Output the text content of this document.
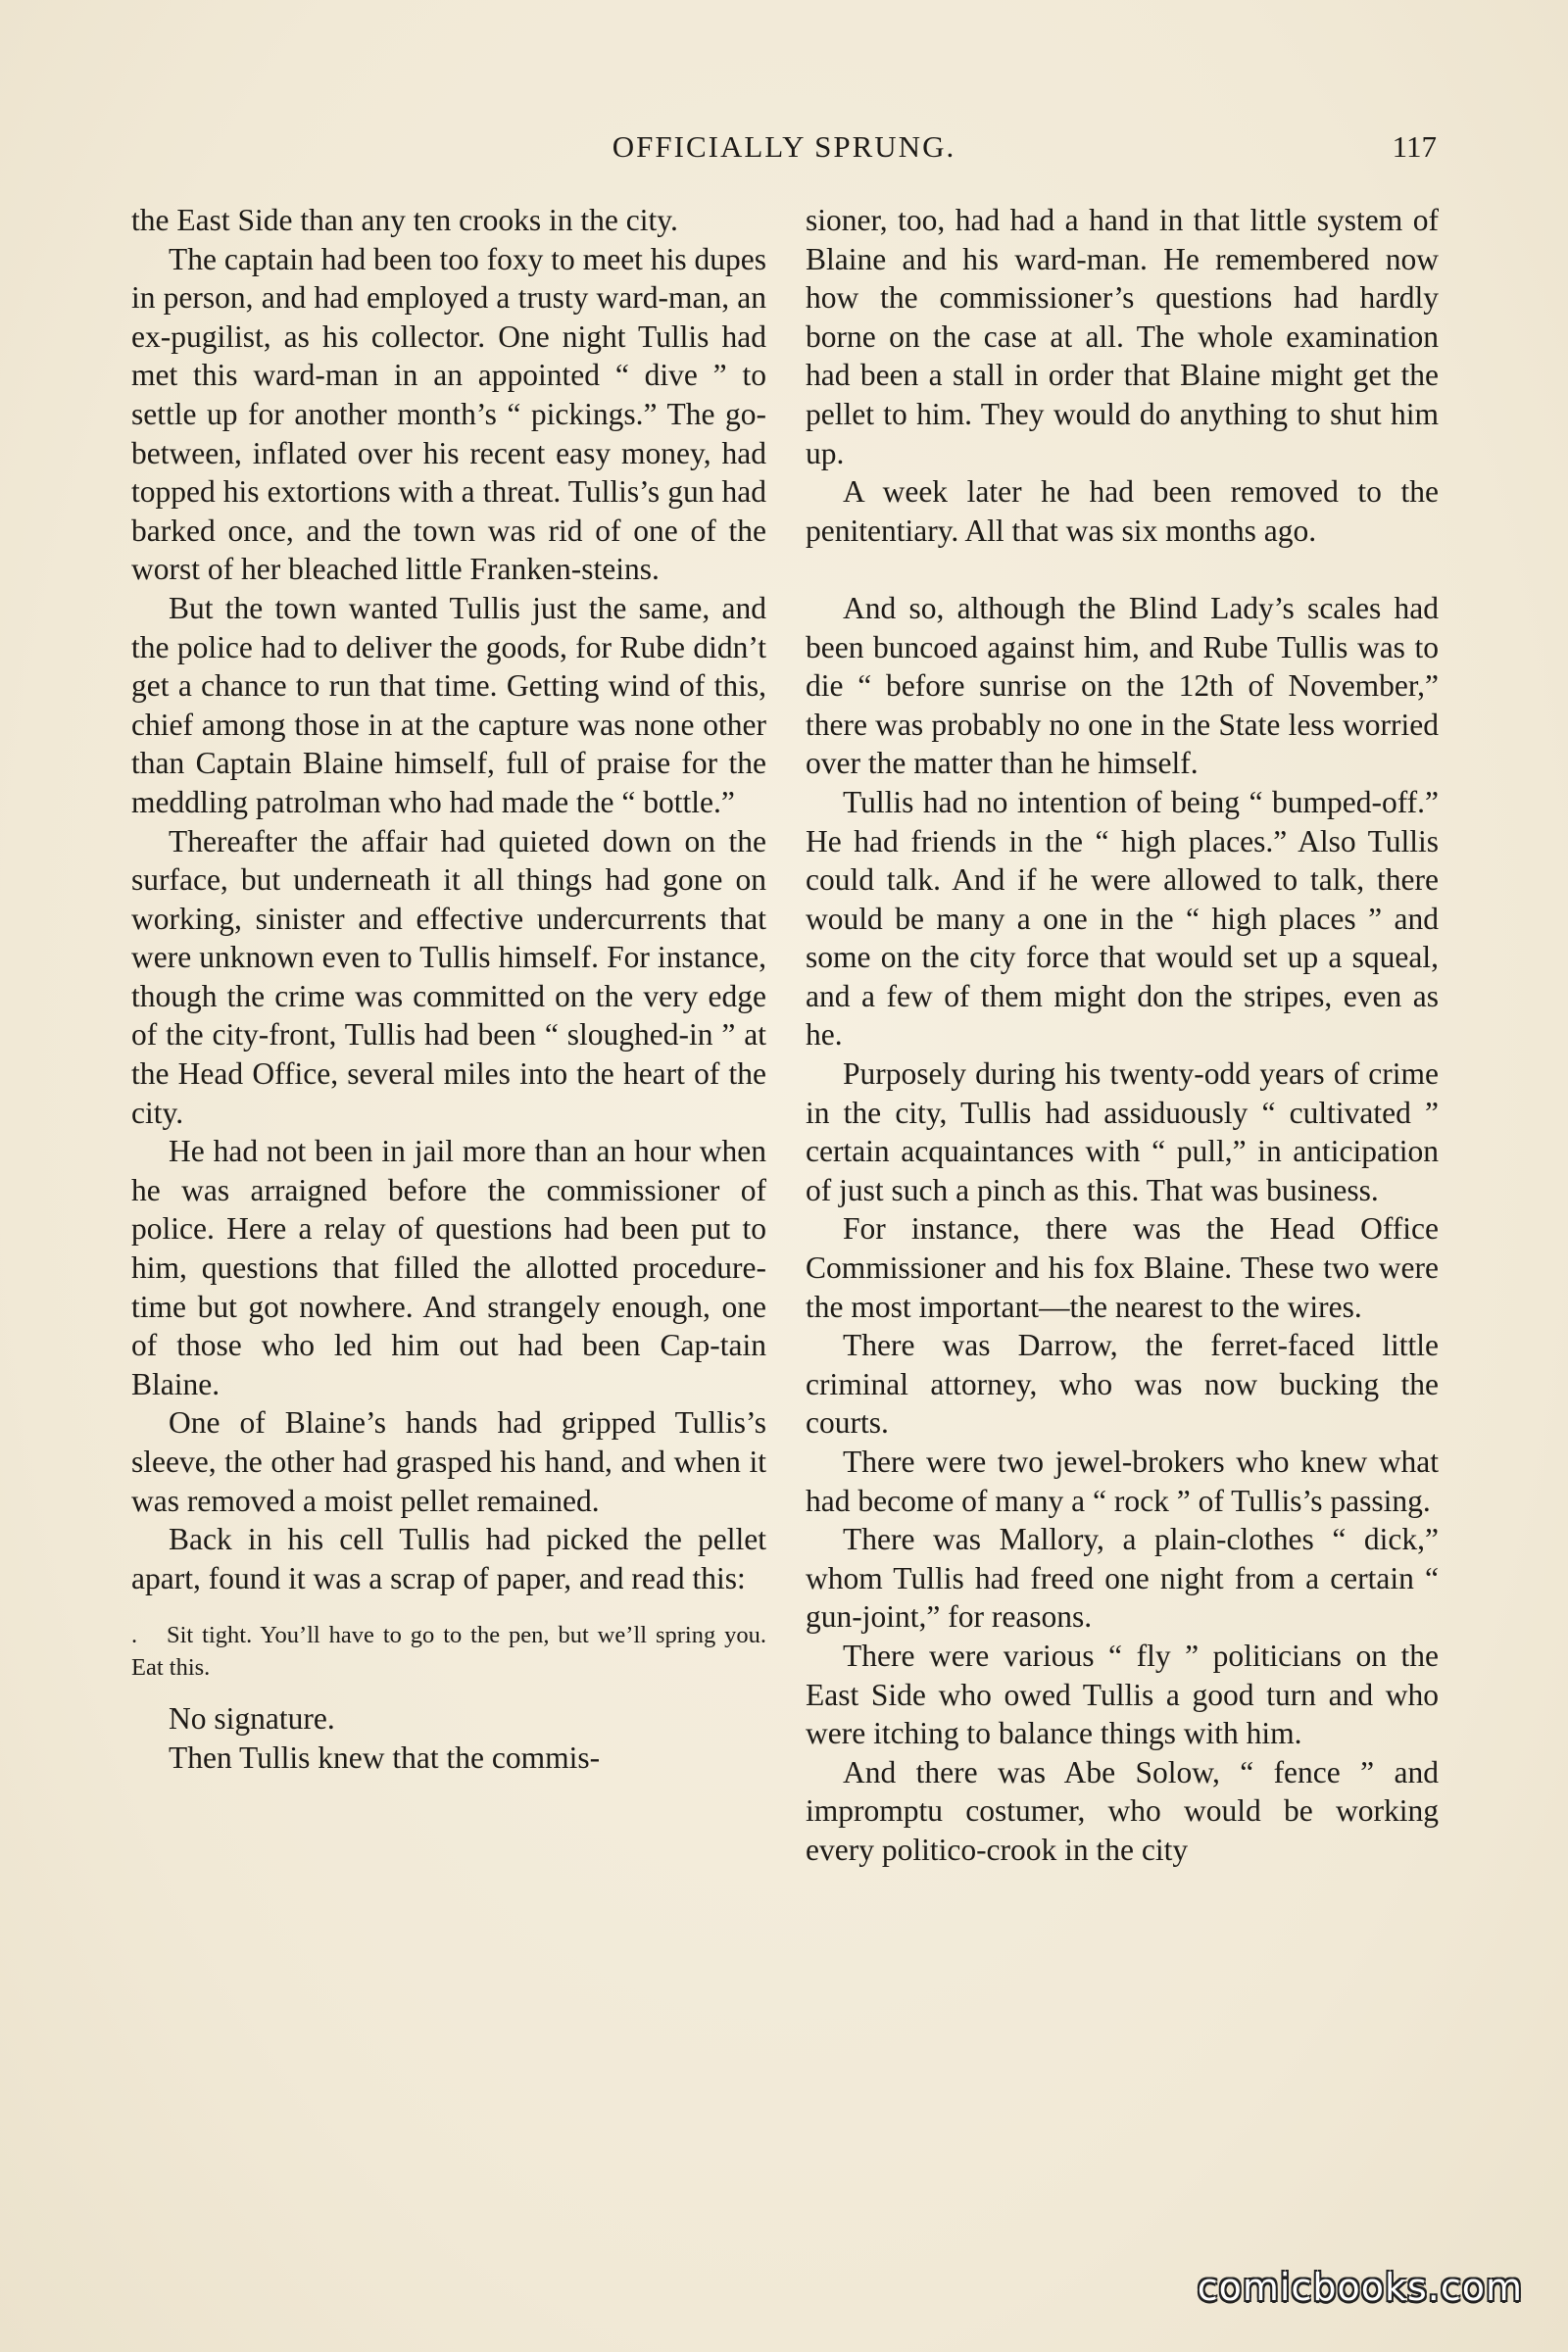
OFFICIALLY SPRUNG.	117

the East Side than any ten crooks in the city.

The captain had been too foxy to meet his dupes in person, and had employed a trusty ward-man, an ex-pugilist, as his collector. One night Tullis had met this ward-man in an appointed “ dive ” to settle up for another month’s “ pickings.” The go-between, inflated over his recent easy money, had topped his extortions with a threat. Tullis’s gun had barked once, and the town was rid of one of the worst of her bleached little Franken-steins.

But the town wanted Tullis just the same, and the police had to deliver the goods, for Rube didn’t get a chance to run that time. Getting wind of this, chief among those in at the capture was none other than Captain Blaine himself, full of praise for the meddling patrolman who had made the “ bottle.”

Thereafter the affair had quieted down on the surface, but underneath it all things had gone on working, sinister and effective undercurrents that were unknown even to Tullis himself. For instance, though the crime was committed on the very edge of the city-front, Tullis had been “ sloughed-in ” at the Head Office, several miles into the heart of the city.

He had not been in jail more than an hour when he was arraigned before the commissioner of police. Here a relay of questions had been put to him, questions that filled the allotted procedure-time but got nowhere. And strangely enough, one of those who led him out had been Cap-tain Blaine.

One of Blaine’s hands had gripped Tullis’s sleeve, the other had grasped his hand, and when it was removed a moist pellet remained.

Back in his cell Tullis had picked the pellet apart, found it was a scrap of paper, and read this:

. Sit tight. You’ll have to go to the pen, but we’ll spring you. Eat this.

No signature.

Then Tullis knew that the commis-

sioner, too, had had a hand in that little system of Blaine and his ward-man. He remembered now how the commissioner’s questions had hardly borne on the case at all. The whole examination had been a stall in order that Blaine might get the pellet to him. They would do anything to shut him up.

A week later he had been removed to the penitentiary. All that was six months ago.

And so, although the Blind Lady’s scales had been buncoed against him, and Rube Tullis was to die “ before sunrise on the 12th of November,” there was probably no one in the State less worried over the matter than he himself.

Tullis had no intention of being “ bumped-off.” He had friends in the “ high places.” Also Tullis could talk. And if he were allowed to talk, there would be many a one in the “ high places ” and some on the city force that would set up a squeal, and a few of them might don the stripes, even as he.

Purposely during his twenty-odd years of crime in the city, Tullis had assiduously “ cultivated ” certain acquaintances with “ pull,” in anticipation of just such a pinch as this. That was business.

For instance, there was the Head Office Commissioner and his fox Blaine. These two were the most important—the nearest to the wires.

There was Darrow, the ferret-faced little criminal attorney, who was now bucking the courts.

There were two jewel-brokers who knew what had become of many a “ rock ” of Tullis’s passing.

There was Mallory, a plain-clothes “ dick,” whom Tullis had freed one night from a certain “ gun-joint,” for reasons.

There were various “ fly ” politicians on the East Side who owed Tullis a good turn and who were itching to balance things with him.

And there was Abe Solow, “ fence ” and impromptu costumer, who would be working every politico-crook in the city

comicbooks.com
